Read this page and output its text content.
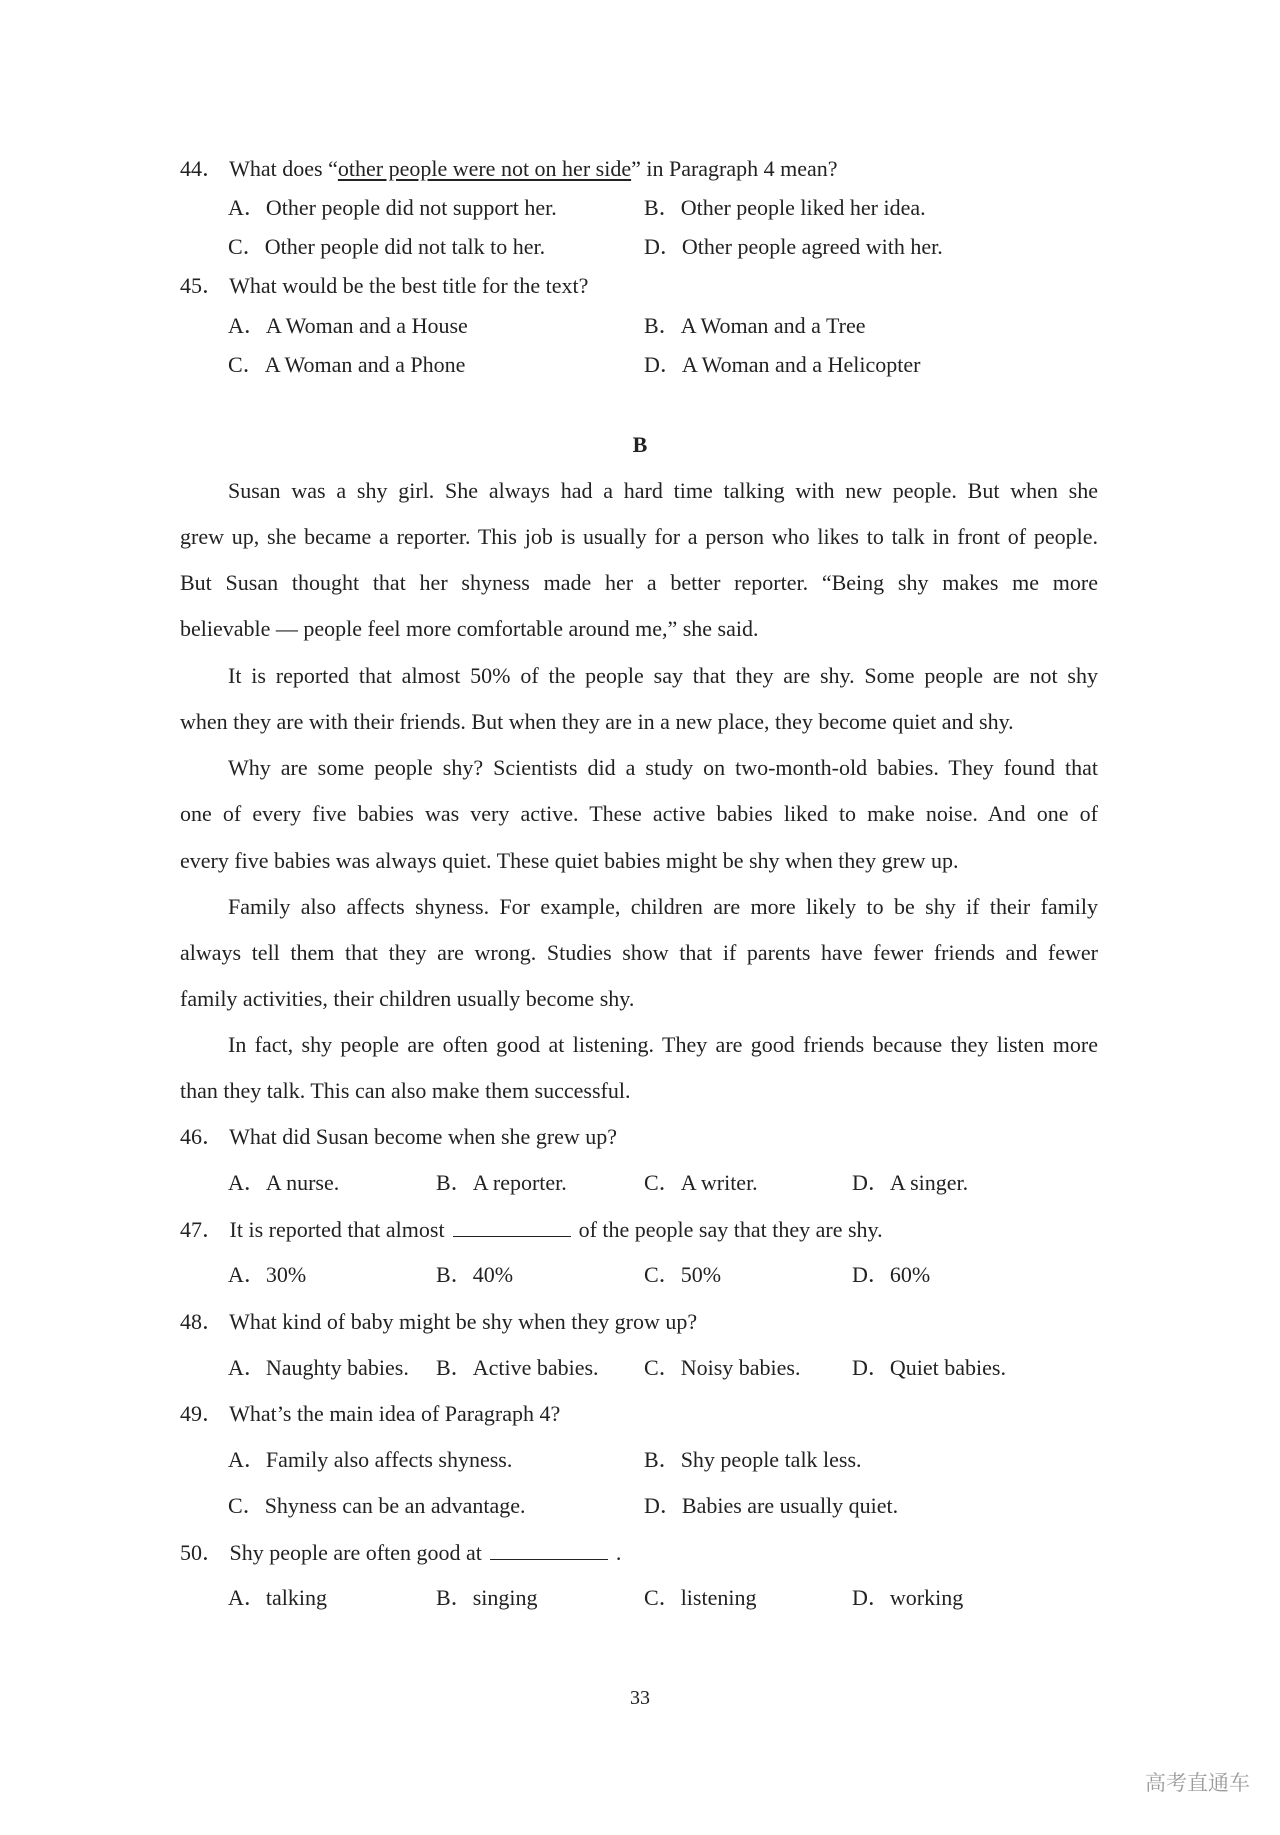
44． What does “other people were not on her side” in Paragraph 4 mean?
A．Other people did not support her.	B．Other people liked her idea.
C．Other people did not talk to her.	D．Other people agreed with her.
45． What would be the best title for the text?
A．A Woman and a House	B．A Woman and a Tree
C．A Woman and a Phone	D．A Woman and a Helicopter
B
Susan was a shy girl. She always had a hard time talking with new people. But when she
grew up, she became a reporter. This job is usually for a person who likes to talk in front of people.
But Susan thought that her shyness made her a better reporter. “Being shy makes me more
believable — people feel more comfortable around me,” she said.
It is reported that almost 50% of the people say that they are shy. Some people are not shy
when they are with their friends. But when they are in a new place, they become quiet and shy.
Why are some people shy? Scientists did a study on two-month-old babies. They found that
one of every five babies was very active. These active babies liked to make noise. And one of
every five babies was always quiet. These quiet babies might be shy when they grew up.
Family also affects shyness. For example, children are more likely to be shy if their family
always tell them that they are wrong. Studies show that if parents have fewer friends and fewer
family activities, their children usually become shy.
In fact, shy people are often good at listening. They are good friends because they listen more
than they talk. This can also make them successful.
46． What did Susan become when she grew up?
A．A nurse.	B．A reporter.	C．A writer.	D．A singer.
47． It is reported that almost	of the people say that they are shy.
A．30%	B．40%	C．50%	D．60%
48． What kind of baby might be shy when they grow up?
A．Naughty babies. B．Active babies. C．Noisy babies. D．Quiet babies.
49． What’s the main idea of Paragraph 4?
A．Family also affects shyness.	B．Shy people talk less.
C．Shyness can be an advantage.	D．Babies are usually quiet.
50． Shy people are often good at	.
A．talking	B．singing	C．listening	D．working
33
高考直通车
